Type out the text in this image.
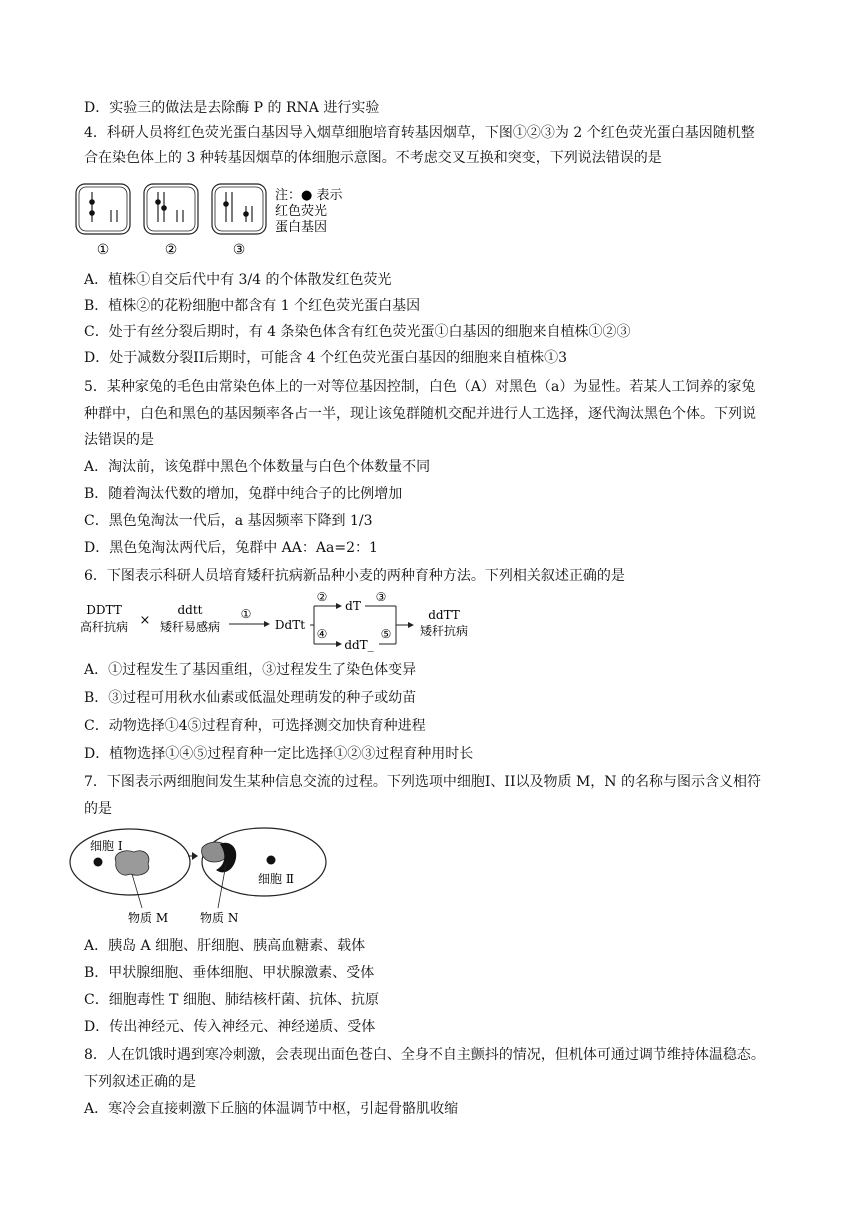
D．实验三的做法是去除酶 P 的 RNA 进行实验
4．科研人员将红色荧光蛋白基因导入烟草细胞培育转基因烟草，下图①②③为 2 个红色荧光蛋白基因随机整
合在染色体上的 3 种转基因烟草的体细胞示意图。不考虑交叉互换和突变，下列说法错误的是
①	②	③
注：● 表示
红色荧光
蛋白基因
A．植株①自交后代中有 3/4 的个体散发红色荧光
B．植株②的花粉细胞中都含有 1 个红色荧光蛋白基因
C．处于有丝分裂后期时，有 4 条染色体含有红色荧光蛋①白基因的细胞来自植株①②③
D．处于减数分裂II后期时，可能含 4 个红色荧光蛋白基因的细胞来自植株①3
5．某种家兔的毛色由常染色体上的一对等位基因控制，白色（A）对黑色（a）为显性。若某人工饲养的家兔
种群中，白色和黑色的基因频率各占一半，现让该兔群随机交配并进行人工选择，逐代淘汰黑色个体。下列说
法错误的是
A．淘汰前，该兔群中黑色个体数量与白色个体数量不同
B．随着淘汰代数的增加，兔群中纯合子的比例增加
C．黑色兔淘汰一代后，a 基因频率下降到 1/3
D．黑色兔淘汰两代后，兔群中 AA：Aa=2：1
6．下图表示科研人员培育矮秆抗病新品种小麦的两种育种方法。下列相关叙述正确的是
DDTT
高秆抗病 ×
ddtt
矮秆易感病
①
DdTt
②
④
dT
ddT_
③
⑤
ddTT
矮秆抗病
A．①过程发生了基因重组，③过程发生了染色体变异
B．③过程可用秋水仙素或低温处理萌发的种子或幼苗
C．动物选择①4⑤过程育种，可选择测交加快育种进程
D．植物选择①④⑤过程育种一定比选择①②③过程育种用时长
7．下图表示两细胞间发生某种信息交流的过程。下列选项中细胞I、II以及物质 M，N 的名称与图示含义相符
的是
细胞 Ⅰ
细胞 Ⅱ
物质 M	物质 N
A．胰岛 A 细胞、肝细胞、胰高血糖素、载体
B．甲状腺细胞、垂体细胞、甲状腺激素、受体
C．细胞毒性 T 细胞、肺结核杆菌、抗体、抗原
D．传出神经元、传入神经元、神经递质、受体
8．人在饥饿时遇到寒冷刺激，会表现出面色苍白、全身不自主颤抖的情况，但机体可通过调节维持体温稳态。
下列叙述正确的是
A．寒冷会直接刺激下丘脑的体温调节中枢，引起骨骼肌收缩
